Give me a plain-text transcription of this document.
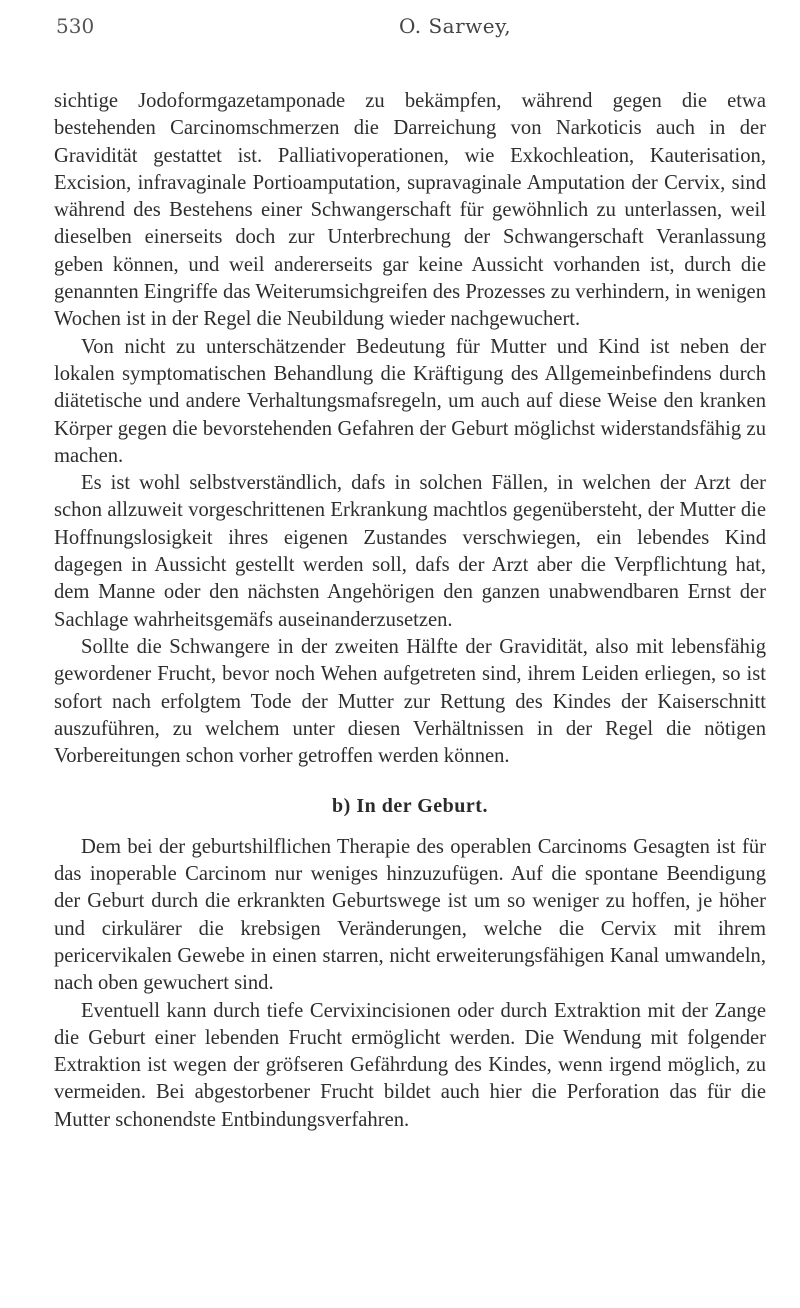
530	O. Sarwey,

sichtige Jodoformgazetamponade zu bekämpfen, während gegen die etwa bestehenden Carcinomschmerzen die Darreichung von Narkoticis auch in der Gravidität gestattet ist. Palliativoperationen, wie Exkochleation, Kauterisation, Excision, infravaginale Portioamputation, supravaginale Amputation der Cervix, sind während des Bestehens einer Schwangerschaft für gewöhnlich zu unterlassen, weil dieselben einerseits doch zur Unterbrechung der Schwangerschaft Veranlassung geben können, und weil andererseits gar keine Aussicht vorhanden ist, durch die genannten Eingriffe das Weiterumsichgreifen des Prozesses zu verhindern, in wenigen Wochen ist in der Regel die Neubildung wieder nachgewuchert.

Von nicht zu unterschätzender Bedeutung für Mutter und Kind ist neben der lokalen symptomatischen Behandlung die Kräftigung des Allgemeinbefindens durch diätetische und andere Verhaltungsmafsregeln, um auch auf diese Weise den kranken Körper gegen die bevorstehenden Gefahren der Geburt möglichst widerstandsfähig zu machen.

Es ist wohl selbstverständlich, dafs in solchen Fällen, in welchen der Arzt der schon allzuweit vorgeschrittenen Erkrankung machtlos gegenübersteht, der Mutter die Hoffnungslosigkeit ihres eigenen Zustandes verschwiegen, ein lebendes Kind dagegen in Aussicht gestellt werden soll, dafs der Arzt aber die Verpflichtung hat, dem Manne oder den nächsten Angehörigen den ganzen unabwendbaren Ernst der Sachlage wahrheitsgemäfs auseinanderzusetzen.

Sollte die Schwangere in der zweiten Hälfte der Gravidität, also mit lebensfähig gewordener Frucht, bevor noch Wehen aufgetreten sind, ihrem Leiden erliegen, so ist sofort nach erfolgtem Tode der Mutter zur Rettung des Kindes der Kaiserschnitt auszuführen, zu welchem unter diesen Verhältnissen in der Regel die nötigen Vorbereitungen schon vorher getroffen werden können.

b) In der Geburt.

Dem bei der geburtshilflichen Therapie des operablen Carcinoms Gesagten ist für das inoperable Carcinom nur weniges hinzuzufügen. Auf die spontane Beendigung der Geburt durch die erkrankten Geburtswege ist um so weniger zu hoffen, je höher und cirkulärer die krebsigen Veränderungen, welche die Cervix mit ihrem pericervikalen Gewebe in einen starren, nicht erweiterungsfähigen Kanal umwandeln, nach oben gewuchert sind.

Eventuell kann durch tiefe Cervixincisionen oder durch Extraktion mit der Zange die Geburt einer lebenden Frucht ermöglicht werden. Die Wendung mit folgender Extraktion ist wegen der gröfseren Gefährdung des Kindes, wenn irgend möglich, zu vermeiden. Bei abgestorbener Frucht bildet auch hier die Perforation das für die Mutter schonendste Entbindungsverfahren.
